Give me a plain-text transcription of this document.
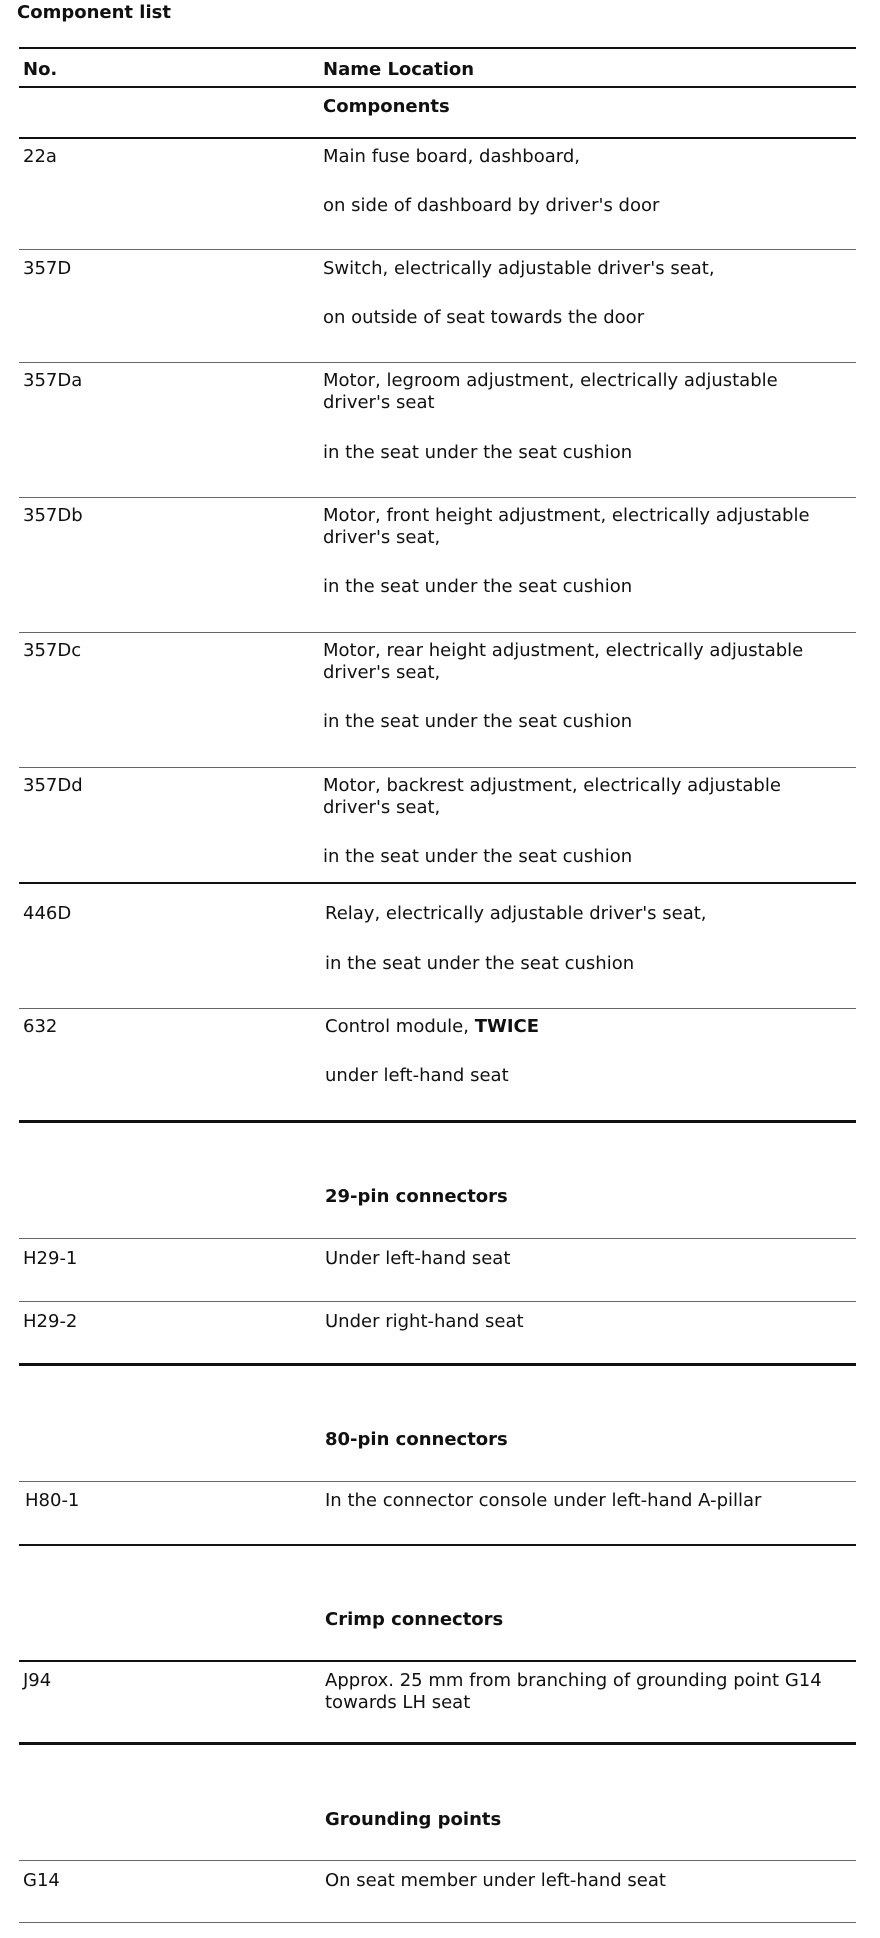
Component list
No.	Name Location
Components
22a	Main fuse board, dashboard,
on side of dashboard by driver's door
357D	Switch, electrically adjustable driver's seat,
on outside of seat towards the door
357Da	Motor, legroom adjustment, electrically adjustable
driver's seat
in the seat under the seat cushion
357Db	Motor, front height adjustment, electrically adjustable
driver's seat,
in the seat under the seat cushion
357Dc	Motor, rear height adjustment, electrically adjustable
driver's seat,
in the seat under the seat cushion
357Dd	Motor, backrest adjustment, electrically adjustable
driver's seat,
in the seat under the seat cushion
446D	Relay, electrically adjustable driver's seat,
in the seat under the seat cushion
632	Control module, TWICE
under left-hand seat
29-pin connectors
H29-1	Under left-hand seat
H29-2	Under right-hand seat
80-pin connectors
H80-1	In the connector console under left-hand A-pillar
Crimp connectors
J94	Approx. 25 mm from branching of grounding point G14
towards LH seat
Grounding points
G14	On seat member under left-hand seat
